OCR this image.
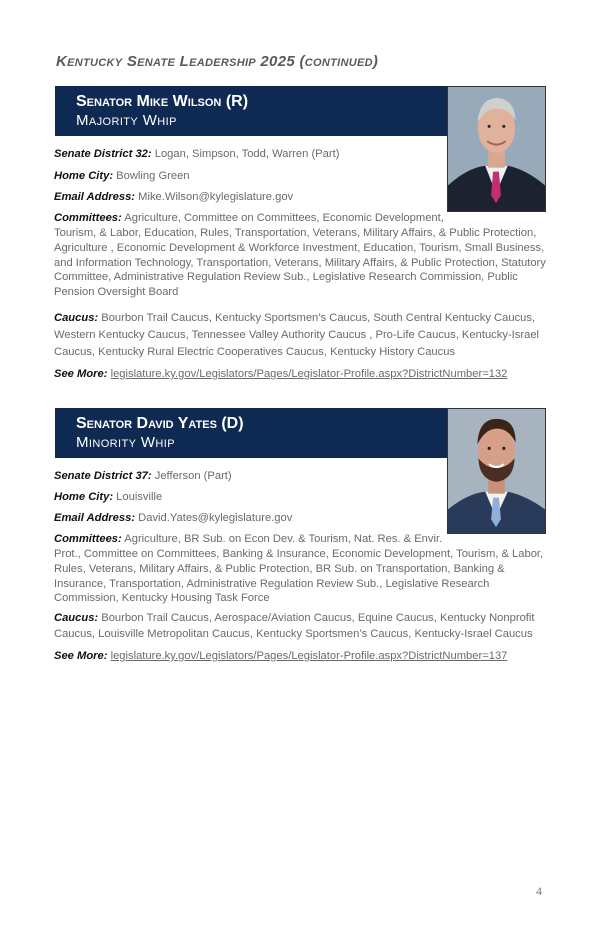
Kentucky Senate Leadership 2025 (continued)
Senator Mike Wilson (R)
Majority Whip
Senate District 32: Logan, Simpson, Todd, Warren (Part)
Home City: Bowling Green
Email Address: Mike.Wilson@kylegislature.gov
Committees: Agriculture, Committee on Committees, Economic Development,
Tourism, & Labor, Education, Rules, Transportation, Veterans, Military Affairs, & Public Protection, Agriculture , Economic Development & Workforce Investment, Education, Tourism, Small Business, and Information Technology, Transportation, Veterans, Military Affairs, & Public Protection, Statutory Committee, Administrative Regulation Review Sub., Legislative Research Commission, Public Pension Oversight Board
Caucus: Bourbon Trail Caucus, Kentucky Sportsmen’s Caucus, South Central Kentucky Caucus, Western Kentucky Caucus, Tennessee Valley Authority Caucus , Pro-Life Caucus, Kentucky-Israel Caucus, Kentucky Rural Electric Cooperatives Caucus, Kentucky History Caucus
See More: legislature.ky.gov/Legislators/Pages/Legislator-Profile.aspx?DistrictNumber=132
Senator David Yates (D)
Minority Whip
Senate District 37: Jefferson (Part)
Home City: Louisville
Email Address: David.Yates@kylegislature.gov
Committees: Agriculture, BR Sub. on Econ Dev. & Tourism, Nat. Res. & Envir.
Prot., Committee on Committees, Banking & Insurance, Economic Development, Tourism, & Labor, Rules, Veterans, Military Affairs, & Public Protection, BR Sub. on Transportation, Banking & Insurance, Transportation, Administrative Regulation Review Sub., Legislative Research Commission, Kentucky Housing Task Force
Caucus: Bourbon Trail Caucus, Aerospace/Aviation Caucus, Equine Caucus, Kentucky Nonprofit Caucus, Louisville Metropolitan Caucus, Kentucky Sportsmen’s Caucus, Kentucky-Israel Caucus
See More: legislature.ky.gov/Legislators/Pages/Legislator-Profile.aspx?DistrictNumber=137
4
